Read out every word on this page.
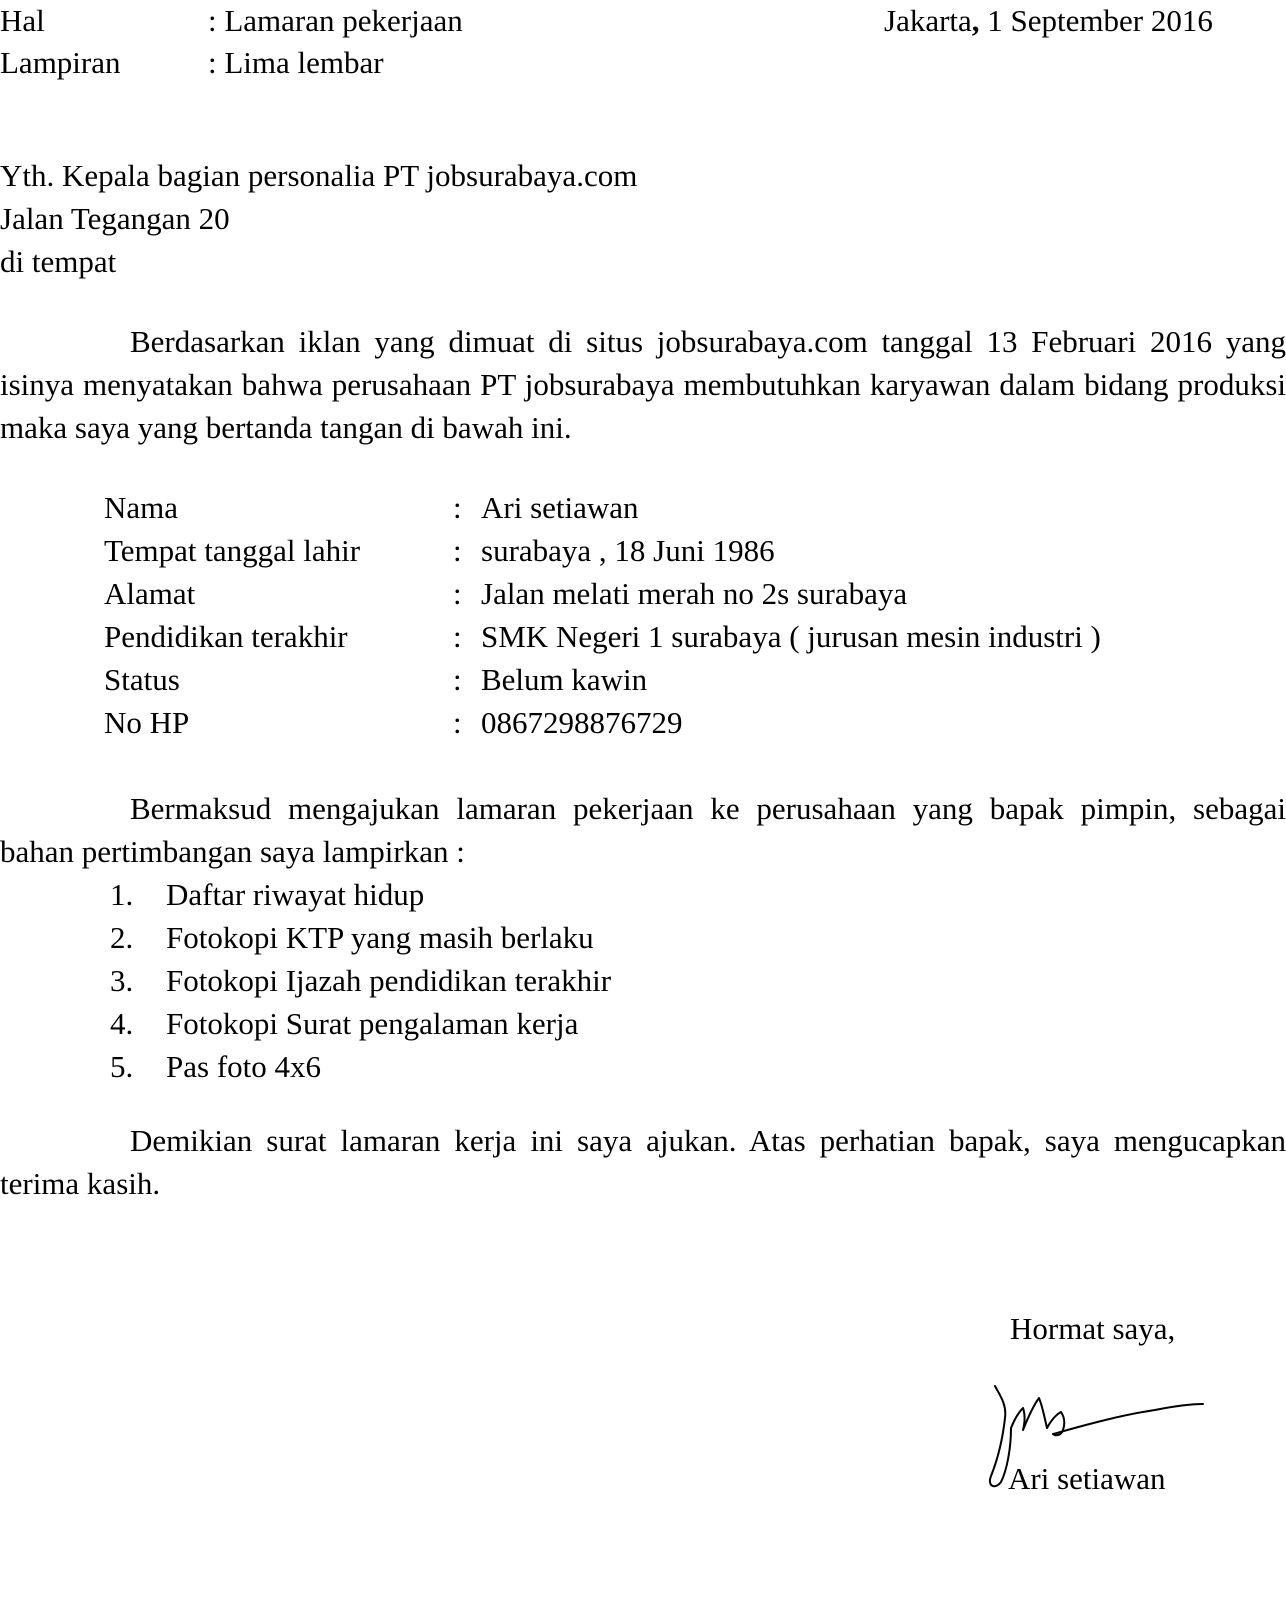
Hal	: Lamaran pekerjaan
Lampiran	: Lima lembar
Jakarta, 1 September 2016
Yth. Kepala bagian personalia PT jobsurabaya.com
Jalan Tegangan 20
di tempat
Berdasarkan iklan yang dimuat di situs jobsurabaya.com tanggal 13 Februari 2016 yang isinya menyatakan bahwa perusahaan PT jobsurabaya membutuhkan karyawan dalam bidang produksi maka saya yang bertanda tangan di bawah ini.
Nama	: Ari setiawan
Tempat tanggal lahir	: surabaya , 18 Juni 1986
Alamat	: Jalan melati merah no 2s surabaya
Pendidikan terakhir	: SMK Negeri 1 surabaya ( jurusan mesin industri )
Status	: Belum kawin
No HP	: 0867298876729
Bermaksud mengajukan lamaran pekerjaan ke perusahaan yang bapak pimpin, sebagai bahan pertimbangan saya lampirkan :
1. Daftar riwayat hidup
2. Fotokopi KTP yang masih berlaku
3. Fotokopi Ijazah pendidikan terakhir
4. Fotokopi Surat pengalaman kerja
5. Pas foto 4x6
Demikian surat lamaran kerja ini saya ajukan. Atas perhatian bapak, saya mengucapkan terima kasih.
Hormat saya,
Ari setiawan
